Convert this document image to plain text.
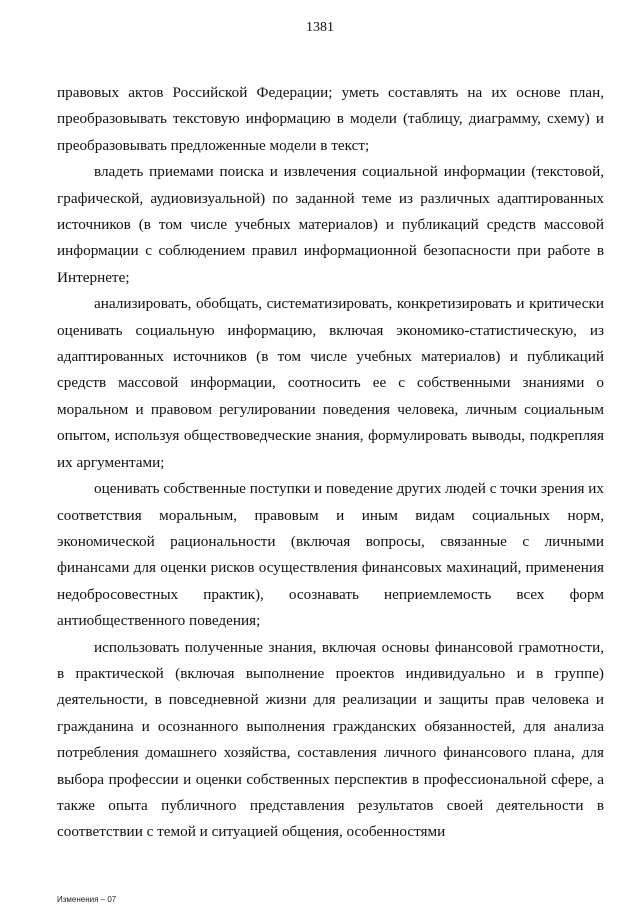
1381

правовых актов Российской Федерации; уметь составлять на их основе план, преобразовывать текстовую информацию в модели (таблицу, диаграмму, схему) и преобразовывать предложенные модели в текст;

владеть приемами поиска и извлечения социальной информации (текстовой, графической, аудиовизуальной) по заданной теме из различных адаптированных источников (в том числе учебных материалов) и публикаций средств массовой информации с соблюдением правил информационной безопасности при работе в Интернете;

анализировать, обобщать, систематизировать, конкретизировать и критически оценивать социальную информацию, включая экономико-статистическую, из адаптированных источников (в том числе учебных материалов) и публикаций средств массовой информации, соотносить ее с собственными знаниями о моральном и правовом регулировании поведения человека, личным социальным опытом, используя обществоведческие знания, формулировать выводы, подкрепляя их аргументами;

оценивать собственные поступки и поведение других людей с точки зрения их соответствия моральным, правовым и иным видам социальных норм, экономической рациональности (включая вопросы, связанные с личными финансами для оценки рисков осуществления финансовых махинаций, применения недобросовестных практик), осознавать неприемлемость всех форм антиобщественного поведения;

использовать полученные знания, включая основы финансовой грамотности, в практической (включая выполнение проектов индивидуально и в группе) деятельности, в повседневной жизни для реализации и защиты прав человека и гражданина и осознанного выполнения гражданских обязанностей, для анализа потребления домашнего хозяйства, составления личного финансового плана, для выбора профессии и оценки собственных перспектив в профессиональной сфере, а также опыта публичного представления результатов своей деятельности в соответствии с темой и ситуацией общения, особенностями

Изменения – 07
